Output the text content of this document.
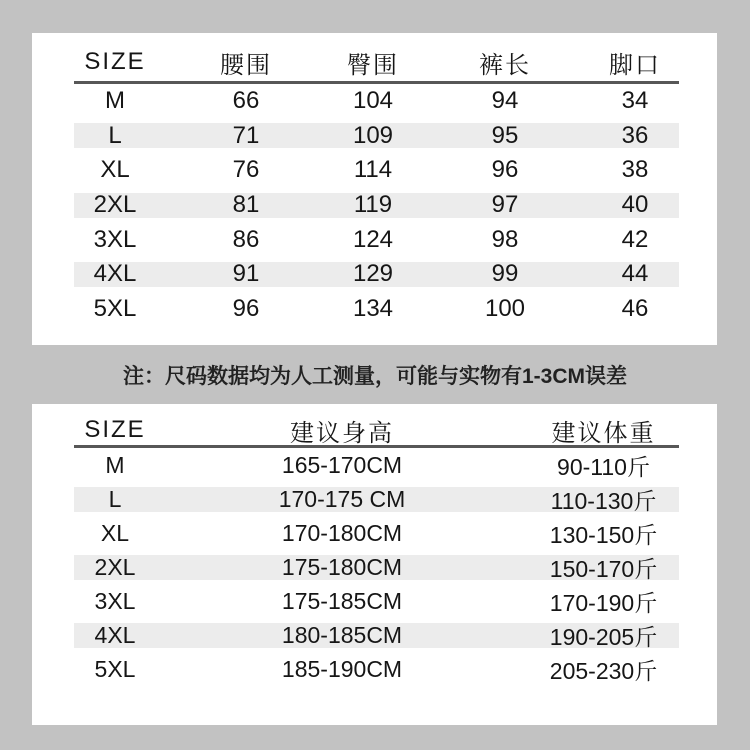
SIZE	腰围	臀围	裤长	脚口
M	66	104	94	34
L	71	109	95	36
XL	76	114	96	38
2XL	81	119	97	40
3XL	86	124	98	42
4XL	91	129	99	44
5XL	96	134	100	46

注：尺码数据均为人工测量，可能与实物有1-3CM误差

SIZE	建议身高	建议体重
M	165-170CM	90-110斤
L	170-175 CM	110-130斤
XL	170-180CM	130-150斤
2XL	175-180CM	150-170斤
3XL	175-185CM	170-190斤
4XL	180-185CM	190-205斤
5XL	185-190CM	205-230斤
